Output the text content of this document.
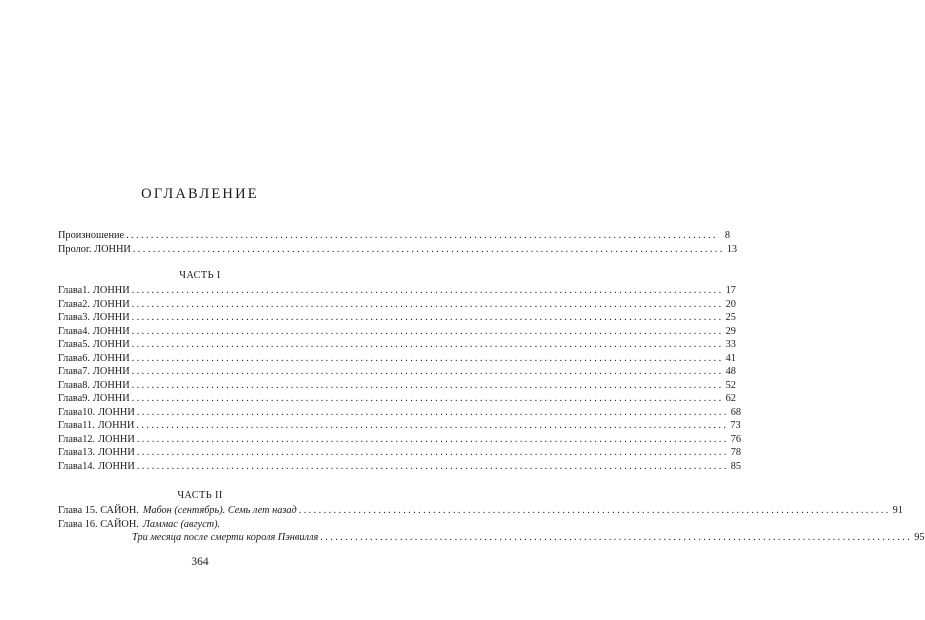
ОГЛАВЛЕНИЕ
Произношение ....................................................................................................................... 8
Пролог. ЛОННИ ....................................................................................................................... 13
ЧАСТЬ I
Глава 1. ЛОННИ ....................................................................................................................... 17
Глава 2. ЛОННИ ....................................................................................................................... 20
Глава 3. ЛОННИ ....................................................................................................................... 25
Глава 4. ЛОННИ ....................................................................................................................... 29
Глава 5. ЛОННИ ....................................................................................................................... 33
Глава 6. ЛОННИ ....................................................................................................................... 41
Глава 7. ЛОННИ ....................................................................................................................... 48
Глава 8. ЛОННИ ....................................................................................................................... 52
Глава 9. ЛОННИ ....................................................................................................................... 62
Глава 10. ЛОННИ ....................................................................................................................... 68
Глава 11. ЛОННИ ....................................................................................................................... 73
Глава 12. ЛОННИ ....................................................................................................................... 76
Глава 13. ЛОННИ ....................................................................................................................... 78
Глава 14. ЛОННИ ....................................................................................................................... 85
ЧАСТЬ II
Глава 15. САЙОН. Мабон (сентябрь). Семь лет назад ....................................................................................................................... 91
Глава 16. САЙОН. Ламмас (август).
Три месяца после смерти короля Пэнвилля ....................................................................................................................... 95
364
